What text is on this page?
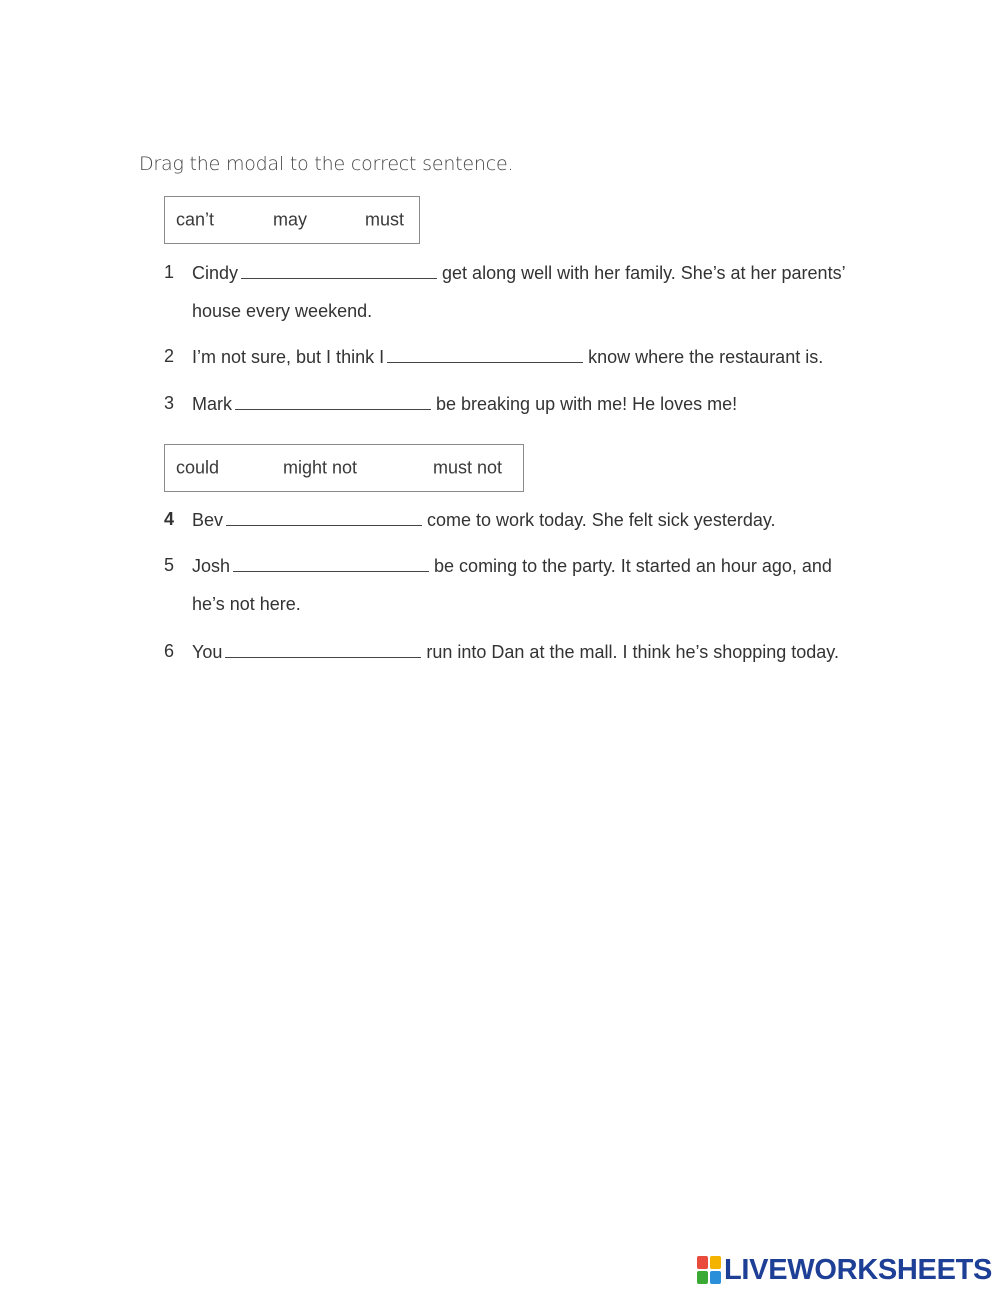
Drag the modal to the correct sentence.
can’t	may	must
1 Cindy	get along well with her family. She’s at her parents’
house every weekend.
2 I’m not sure, but I think I	know where the restaurant is.
3 Mark	be breaking up with me! He loves me!
could	might not	must not
4 Bev	come to work today. She felt sick yesterday.
5 Josh	be coming to the party. It started an hour ago, and
he’s not here.
6 You	run into Dan at the mall. I think he’s shopping today.
LIVEWORKSHEETS
